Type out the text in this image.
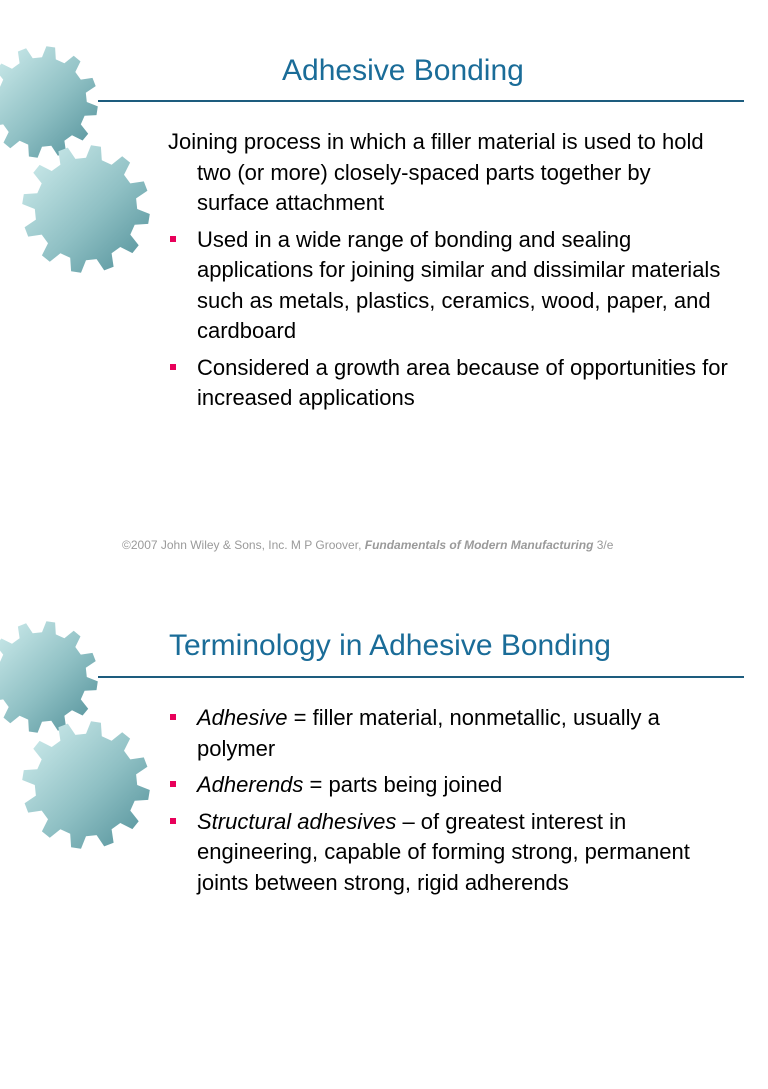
Adhesive Bonding
Joining process in which a filler material is used to hold two (or more) closely-spaced parts together by surface attachment
Used in a wide range of bonding and sealing applications for joining similar and dissimilar materials such as metals, plastics, ceramics, wood, paper, and cardboard
Considered a growth area because of opportunities for increased applications
©2007 John Wiley & Sons, Inc. M P Groover, Fundamentals of Modern Manufacturing 3/e
Terminology in Adhesive Bonding
Adhesive = filler material, nonmetallic, usually a polymer
Adherends = parts being joined
Structural adhesives – of greatest interest in engineering, capable of forming strong, permanent joints between strong, rigid adherends
